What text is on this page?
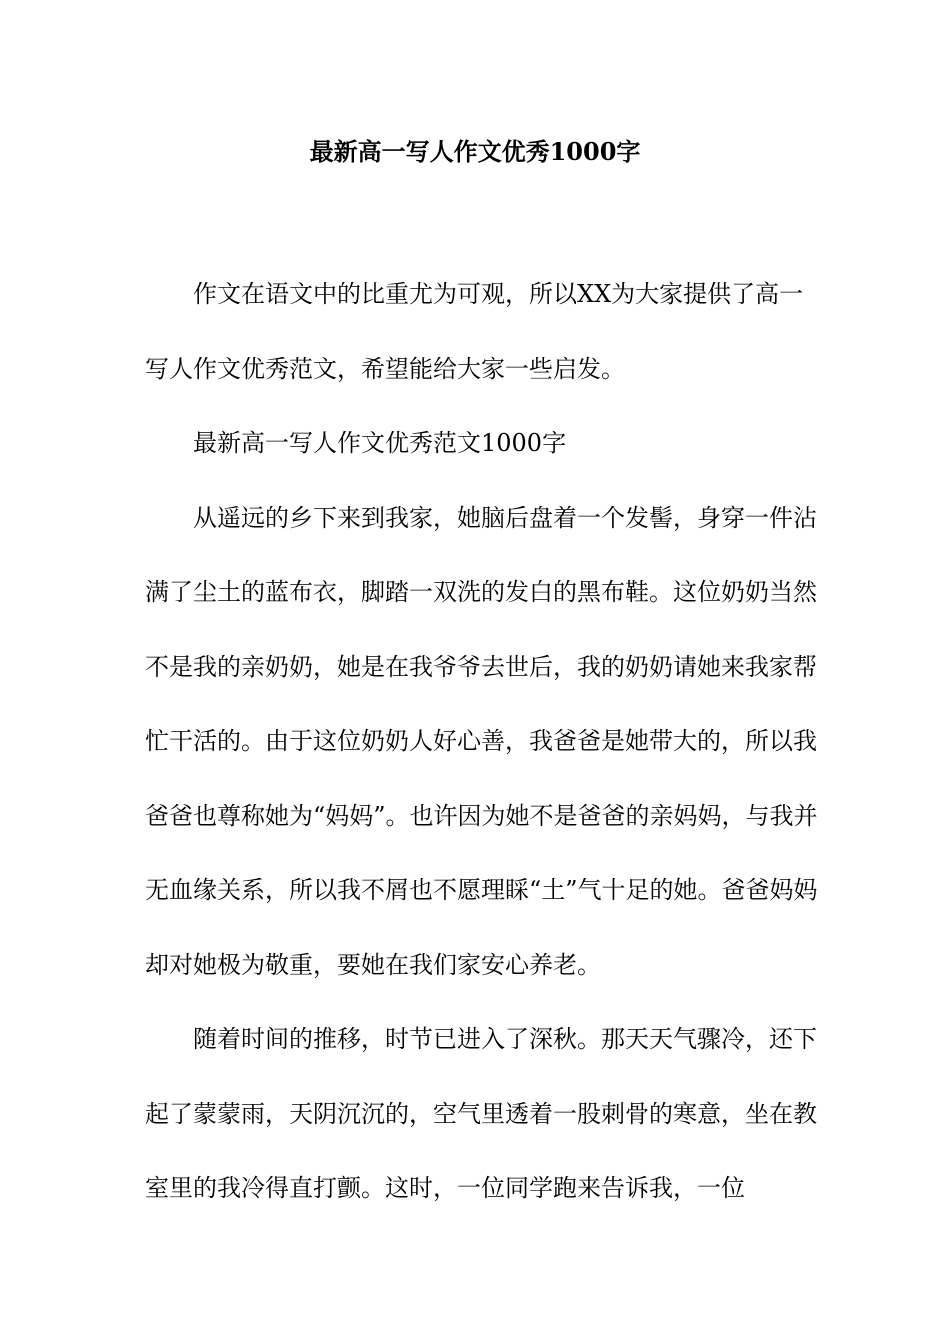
最新高一写人作文优秀1000字

作文在语文中的比重尤为可观，所以XX为大家提供了高一写人作文优秀范文，希望能给大家一些启发。

最新高一写人作文优秀范文1000字

从遥远的乡下来到我家，她脑后盘着一个发髻，身穿一件沾满了尘土的蓝布衣，脚踏一双洗的发白的黑布鞋。这位奶奶当然不是我的亲奶奶，她是在我爷爷去世后，我的奶奶请她来我家帮忙干活的。由于这位奶奶人好心善，我爸爸是她带大的，所以我爸爸也尊称她为“妈妈”。也许因为她不是爸爸的亲妈妈，与我并无血缘关系，所以我不屑也不愿理睬“土”气十足的她。爸爸妈妈却对她极为敬重，要她在我们家安心养老。

随着时间的推移，时节已进入了深秋。那天天气骤冷，还下起了蒙蒙雨，天阴沉沉的，空气里透着一股刺骨的寒意，坐在教室里的我冷得直打颤。这时，一位同学跑来告诉我，一位
